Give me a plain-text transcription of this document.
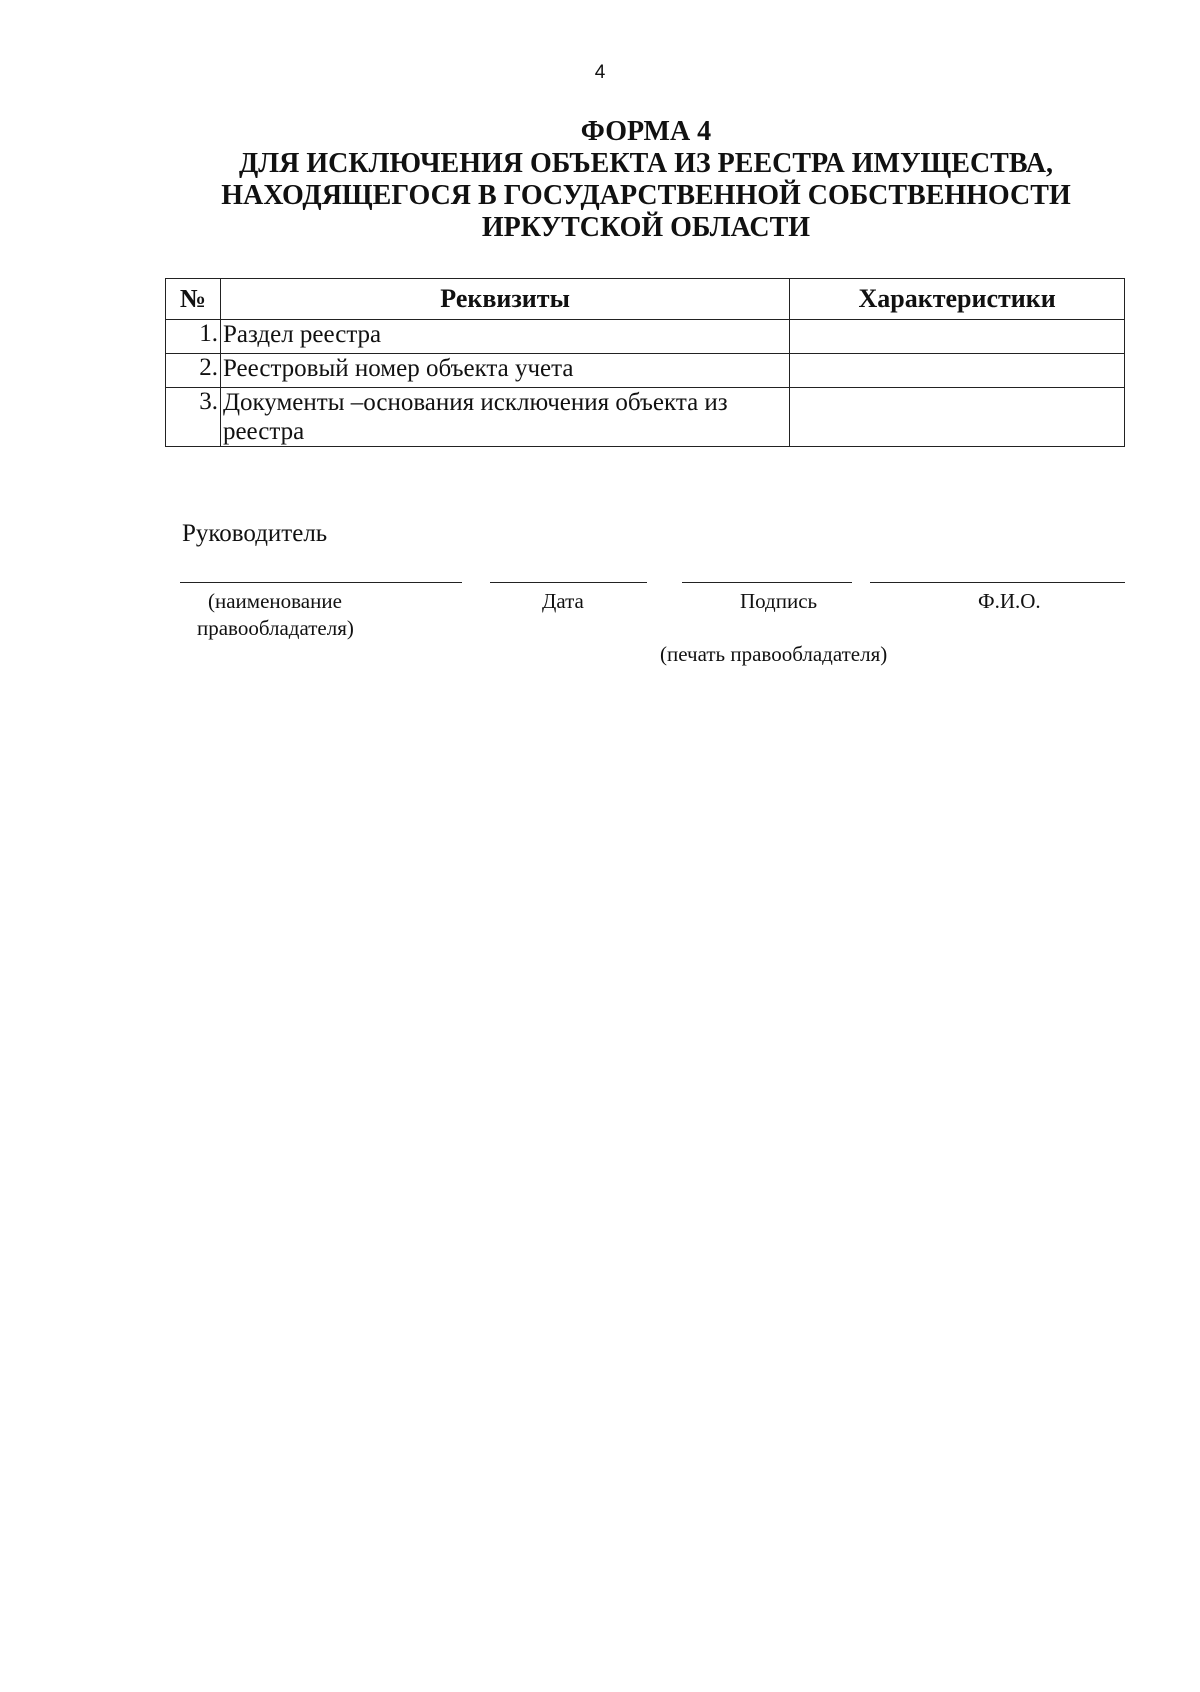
4
ФОРМА 4
ДЛЯ ИСКЛЮЧЕНИЯ ОБЪЕКТА ИЗ РЕЕСТРА ИМУЩЕСТВА,
НАХОДЯЩЕГОСЯ В ГОСУДАРСТВЕННОЙ СОБСТВЕННОСТИ
ИРКУТСКОЙ ОБЛАСТИ
№	Реквизиты	Характеристики
1.	Раздел реестра	
2.	Реестровый номер объекта учета	
3.	Документы –основания исключения объекта из реестра	
Руководитель
(наименование
правообладателя)
Дата	Подпись	Ф.И.О.
(печать правообладателя)
